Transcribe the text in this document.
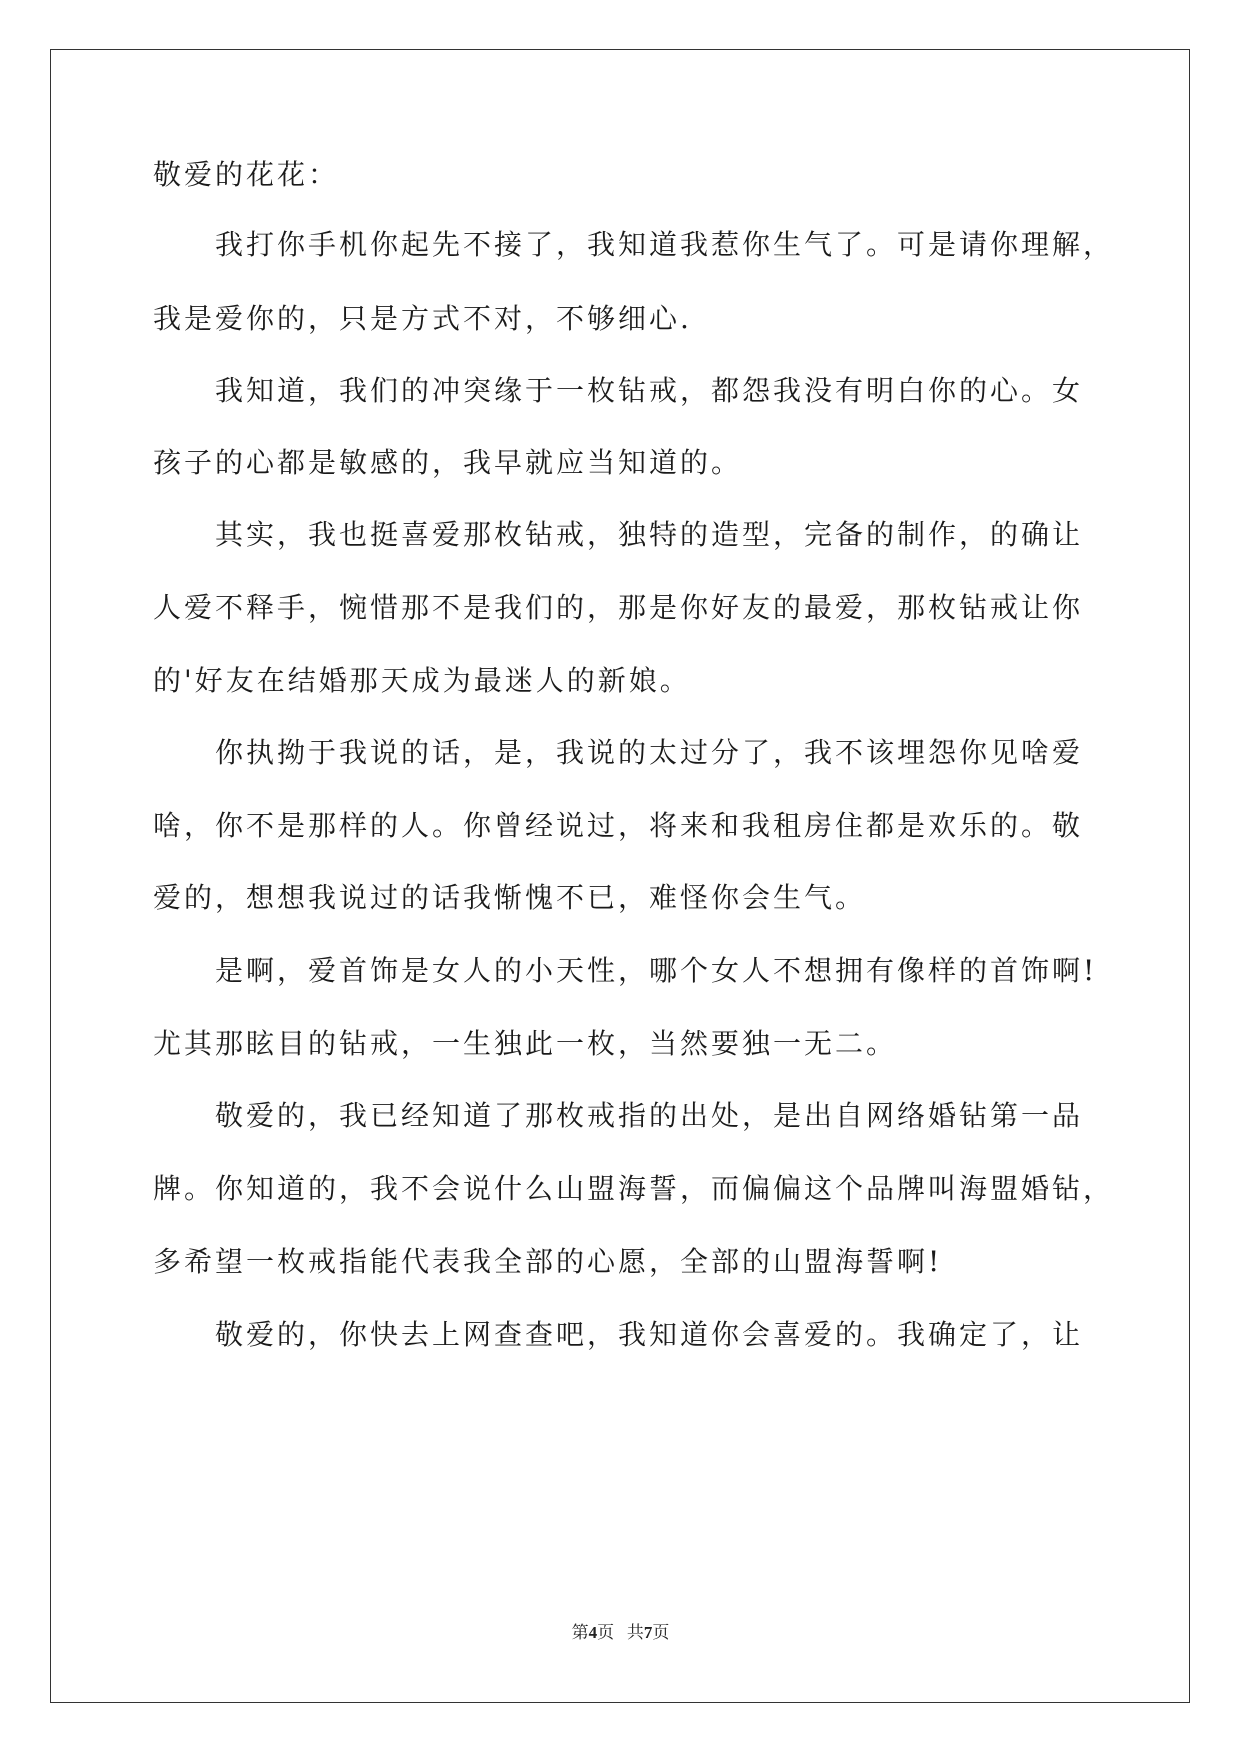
敬爱的花花：
我打你手机你起先不接了，我知道我惹你生气了。可是请你理解，
我是爱你的，只是方式不对，不够细心.
我知道，我们的冲突缘于一枚钻戒，都怨我没有明白你的心。女
孩子的心都是敏感的，我早就应当知道的。
其实，我也挺喜爱那枚钻戒，独特的造型，完备的制作，的确让
人爱不释手，惋惜那不是我们的，那是你好友的最爱，那枚钻戒让你
的'好友在结婚那天成为最迷人的新娘。
你执拗于我说的话，是，我说的太过分了，我不该埋怨你见啥爱
啥，你不是那样的人。你曾经说过，将来和我租房住都是欢乐的。敬
爱的，想想我说过的话我惭愧不已，难怪你会生气。
是啊，爱首饰是女人的小天性，哪个女人不想拥有像样的首饰啊!
尤其那眩目的钻戒，一生独此一枚，当然要独一无二。
敬爱的，我已经知道了那枚戒指的出处，是出自网络婚钻第一品
牌。你知道的，我不会说什么山盟海誓，而偏偏这个品牌叫海盟婚钻，
多希望一枚戒指能代表我全部的心愿，全部的山盟海誓啊!
敬爱的，你快去上网查查吧，我知道你会喜爱的。我确定了，让
第4页 共7页
